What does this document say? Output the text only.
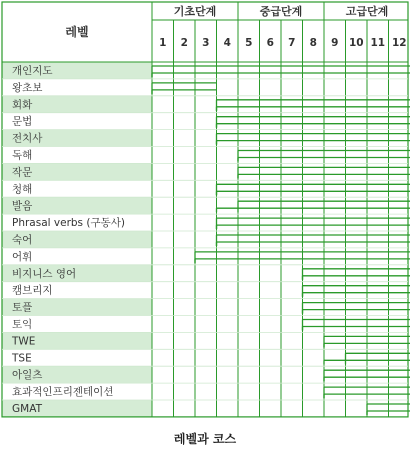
레벨
기초단계	중급단계	고급단계
1 2 3 4 5 6 7 8 9 10 11 12
개인지도
왕초보
회화
문법
전치사
독해
작문
청해
발음
Phrasal verbs (구동사)
숙어
어휘
비지니스 영어
캠브리지
토플
토익
TWE
TSE
아일츠
효과적인프리젠테이션
GMAT
레벨과 코스
